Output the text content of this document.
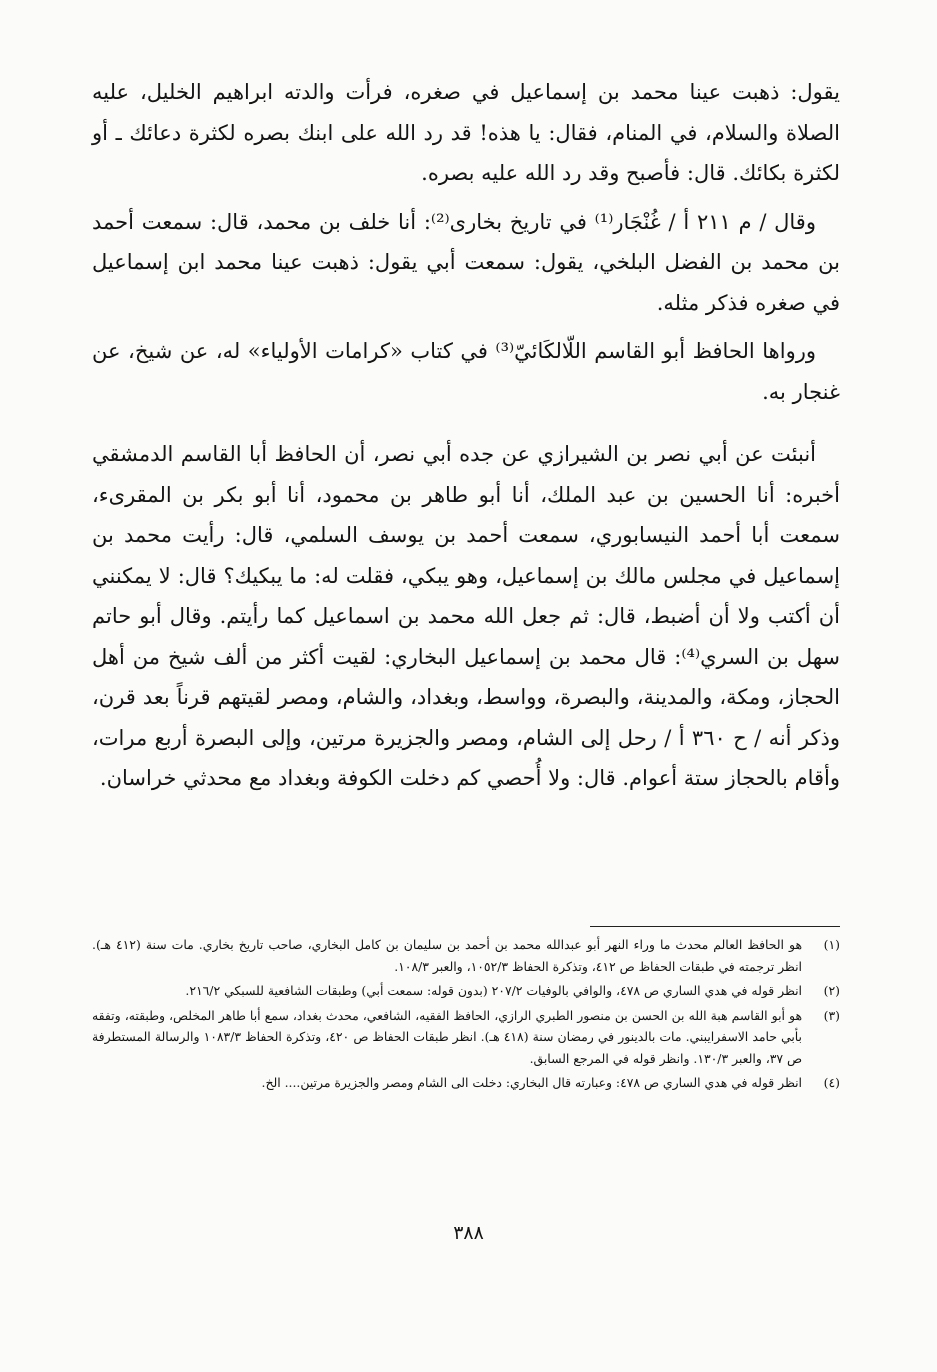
يقول: ذهبت عينا محمد بن إسماعيل في صغره، فرأت والدته ابراهيم الخليل، عليه الصلاة والسلام، في المنام، فقال: يا هذه! قد رد الله على ابنك بصره لكثرة دعائك ـ أو لكثرة بكائك. قال: فأصبح وقد رد الله عليه بصره.

وقال / م ٢١١ أ / غُنْجَار⁽¹⁾ في تاريخ بخارى⁽²⁾: أنا خلف بن محمد، قال: سمعت أحمد بن محمد بن الفضل البلخي، يقول: سمعت أبي يقول: ذهبت عينا محمد ابن إسماعيل في صغره فذكر مثله.

ورواها الحافظ أبو القاسم اللّالكَائيّ⁽³⁾ في كتاب «كرامات الأولياء» له، عن شيخ، عن غنجار به.

أنبئت عن أبي نصر بن الشيرازي عن جده أبي نصر، أن الحافظ أبا القاسم الدمشقي أخبره: أنا الحسين بن عبد الملك، أنا أبو طاهر بن محمود، أنا أبو بكر بن المقرىء، سمعت أبا أحمد النيسابوري، سمعت أحمد بن يوسف السلمي، قال: رأيت محمد بن إسماعيل في مجلس مالك بن إسماعيل، وهو يبكي، فقلت له: ما يبكيك؟ قال: لا يمكنني أن أكتب ولا أن أضبط، قال: ثم جعل الله محمد بن اسماعيل كما رأيتم. وقال أبو حاتم سهل بن السري⁽⁴⁾: قال محمد بن إسماعيل البخاري: لقيت أكثر من ألف شيخ من أهل الحجاز، ومكة، والمدينة، والبصرة، وواسط، وبغداد، والشام، ومصر لقيتهم قرناً بعد قرن، وذكر أنه / ح ٣٦٠ أ / رحل إلى الشام، ومصر والجزيرة مرتين، وإلى البصرة أربع مرات، وأقام بالحجاز ستة أعوام. قال: ولا أُحصي كم دخلت الكوفة وبغداد مع محدثي خراسان.

(١)
هو الحافظ العالم محدث ما وراء النهر أبو عبدالله محمد بن أحمد بن سليمان بن كامل البخاري، صاحب تاريخ بخاري. مات سنة (٤١٢ هـ). انظر ترجمته في طبقات الحفاظ ص ٤١٢، وتذكرة الحفاظ ١٠٥٢/٣، والعبر ١٠٨/٣.
(٢)
انظر قوله في هدي الساري ص ٤٧٨، والوافي بالوفيات ٢٠٧/٢ (بدون قوله: سمعت أبي) وطبقات الشافعية للسبكي ٢١٦/٢.
(٣)
هو أبو القاسم هبة الله بن الحسن بن منصور الطبري الرازي، الحافظ الفقيه، الشافعي، محدث بغداد، سمع أبا طاهر المخلص، وطبقته، وتفقه بأبي حامد الاسفرايبني. مات بالدينور في رمضان سنة (٤١٨ هـ). انظر طبقات الحفاظ ص ٤٢٠، وتذكرة الحفاظ ١٠٨٣/٣ والرسالة المستطرفة ص ٣٧، والعبر ١٣٠/٣. وانظر قوله في المرجع السابق.
(٤)
انظر قوله في هدي الساري ص ٤٧٨: وعبارته قال البخاري: دخلت الى الشام ومصر والجزيرة مرتين.... الخ.
٣٨٨
